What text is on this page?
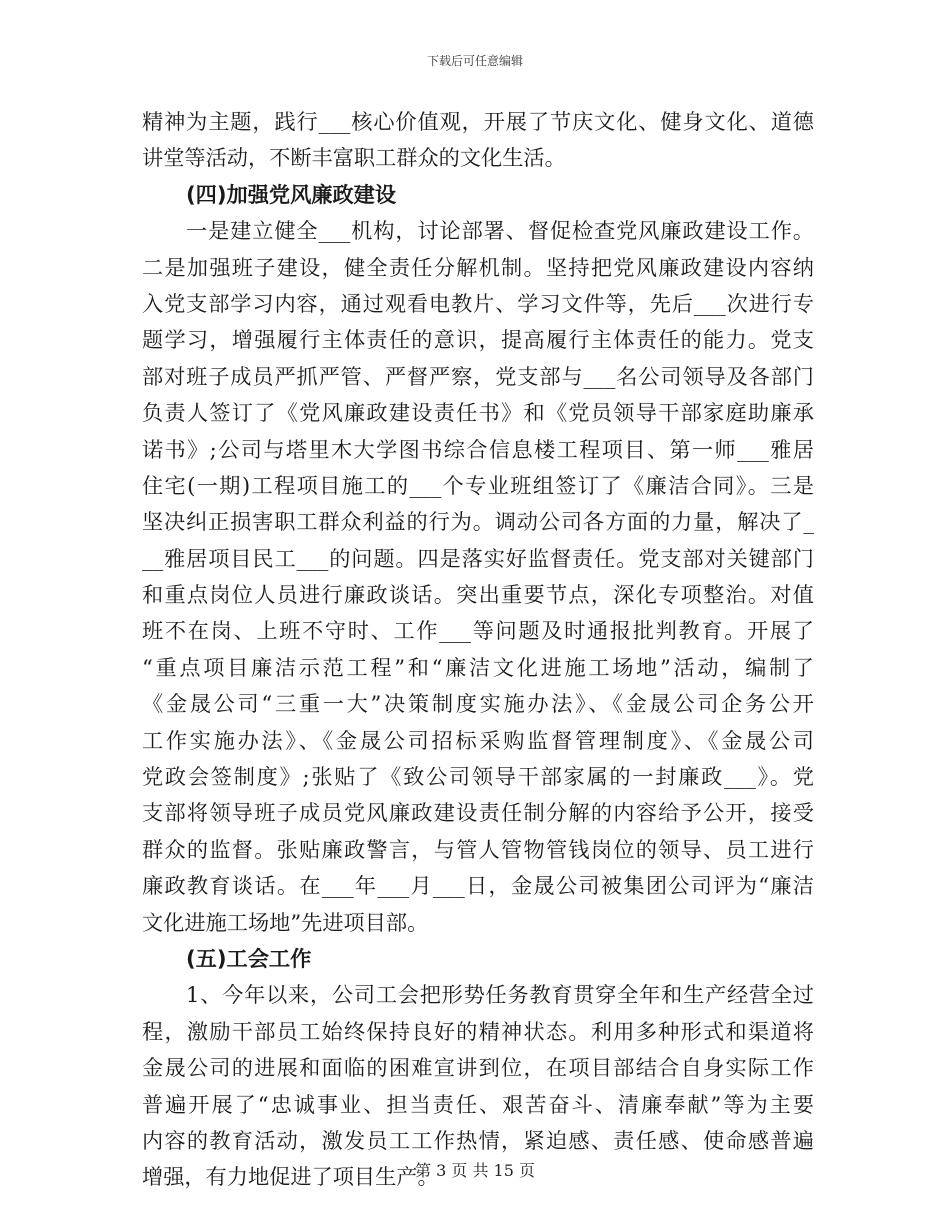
下载后可任意编辑
精神为主题，践行___核心价值观，开展了节庆文化、健身文化、道德
讲堂等活动，不断丰富职工群众的文化生活。
(四)加强党风廉政建设
一是建立健全___机构，讨论部署、督促检查党风廉政建设工作。
二是加强班子建设，健全责任分解机制。坚持把党风廉政建设内容纳
入党支部学习内容，通过观看电教片、学习文件等，先后___次进行专
题学习，增强履行主体责任的意识，提高履行主体责任的能力。党支
部对班子成员严抓严管、严督严察，党支部与___名公司领导及各部门
负责人签订了《党风廉政建设责任书》和《党员领导干部家庭助廉承
诺书》;公司与塔里木大学图书综合信息楼工程项目、第一师___雅居
住宅(一期)工程项目施工的___个专业班组签订了《廉洁合同》。三是
坚决纠正损害职工群众利益的行为。调动公司各方面的力量，解决了_
__雅居项目民工___的问题。四是落实好监督责任。党支部对关键部门
和重点岗位人员进行廉政谈话。突出重要节点，深化专项整治。对值
班不在岗、上班不守时、工作___等问题及时通报批判教育。开展了
“重点项目廉洁示范工程”和“廉洁文化进施工场地”活动，编制了
《金晟公司“三重一大”决策制度实施办法》、《金晟公司企务公开
工作实施办法》、《金晟公司招标采购监督管理制度》、《金晟公司
党政会签制度》;张贴了《致公司领导干部家属的一封廉政___》。党
支部将领导班子成员党风廉政建设责任制分解的内容给予公开，接受
群众的监督。张贴廉政警言，与管人管物管钱岗位的领导、员工进行
廉政教育谈话。在___年___月___日，金晟公司被集团公司评为“廉洁
文化进施工场地”先进项目部。
(五)工会工作
1、今年以来，公司工会把形势任务教育贯穿全年和生产经营全过
程，激励干部员工始终保持良好的精神状态。利用多种形式和渠道将
金晟公司的进展和面临的困难宣讲到位，在项目部结合自身实际工作
普遍开展了“忠诚事业、担当责任、艰苦奋斗、清廉奉献”等为主要
内容的教育活动，激发员工工作热情，紧迫感、责任感、使命感普遍
增强，有力地促进了项目生产。
第 3 页 共 15 页
